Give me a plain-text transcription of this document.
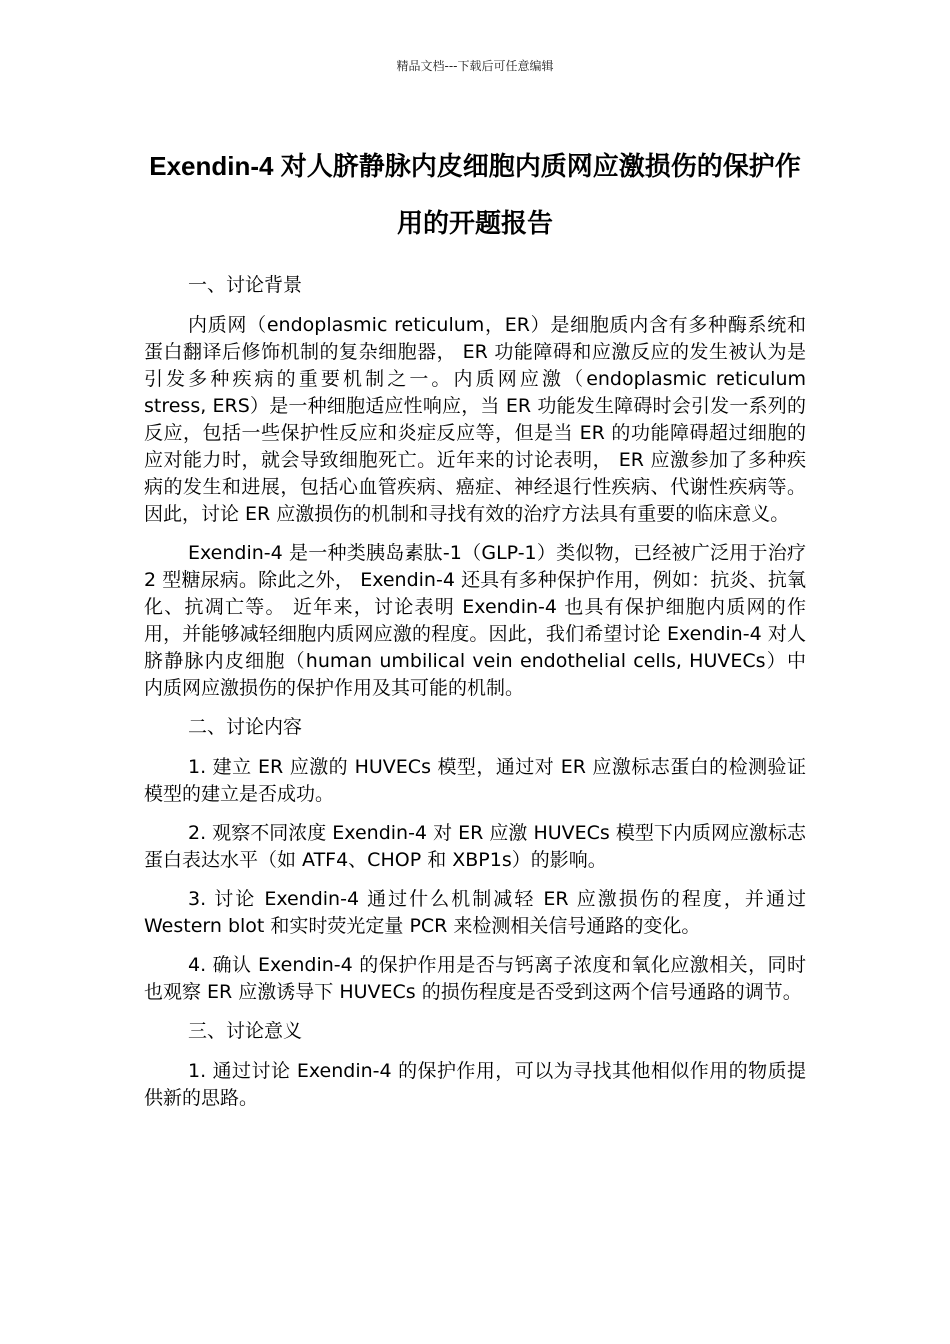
精品文档---下载后可任意编辑
Exendin-4 对人脐静脉内皮细胞内质网应激损伤的保护作用的开题报告

一、讨论背景

内质网（endoplasmic reticulum，ER）是细胞质内含有多种酶系统和蛋白翻译后修饰机制的复杂细胞器， ER 功能障碍和应激反应的发生被认为是引发多种疾病的重要机制之一。内质网应激（endoplasmic reticulum stress, ERS）是一种细胞适应性响应，当 ER 功能发生障碍时会引发一系列的反应，包括一些保护性反应和炎症反应等，但是当 ER 的功能障碍超过细胞的应对能力时，就会导致细胞死亡。近年来的讨论表明， ER 应激参加了多种疾病的发生和进展，包括心血管疾病、癌症、神经退行性疾病、代谢性疾病等。因此，讨论 ER 应激损伤的机制和寻找有效的治疗方法具有重要的临床意义。

Exendin-4 是一种类胰岛素肽-1（GLP-1）类似物，已经被广泛用于治疗 2 型糖尿病。除此之外， Exendin-4 还具有多种保护作用，例如：抗炎、抗氧化、抗凋亡等。 近年来，讨论表明 Exendin-4 也具有保护细胞内质网的作用，并能够减轻细胞内质网应激的程度。因此，我们希望讨论 Exendin-4 对人脐静脉内皮细胞（human umbilical vein endothelial cells, HUVECs）中内质网应激损伤的保护作用及其可能的机制。

二、讨论内容

1. 建立 ER 应激的 HUVECs 模型，通过对 ER 应激标志蛋白的检测验证模型的建立是否成功。

2. 观察不同浓度 Exendin-4 对 ER 应激 HUVECs 模型下内质网应激标志蛋白表达水平（如 ATF4、CHOP 和 XBP1s）的影响。

3. 讨论 Exendin-4 通过什么机制减轻 ER 应激损伤的程度，并通过 Western blot 和实时荧光定量 PCR 来检测相关信号通路的变化。

4. 确认 Exendin-4 的保护作用是否与钙离子浓度和氧化应激相关，同时也观察 ER 应激诱导下 HUVECs 的损伤程度是否受到这两个信号通路的调节。

三、讨论意义

1. 通过讨论 Exendin-4 的保护作用，可以为寻找其他相似作用的物质提供新的思路。
